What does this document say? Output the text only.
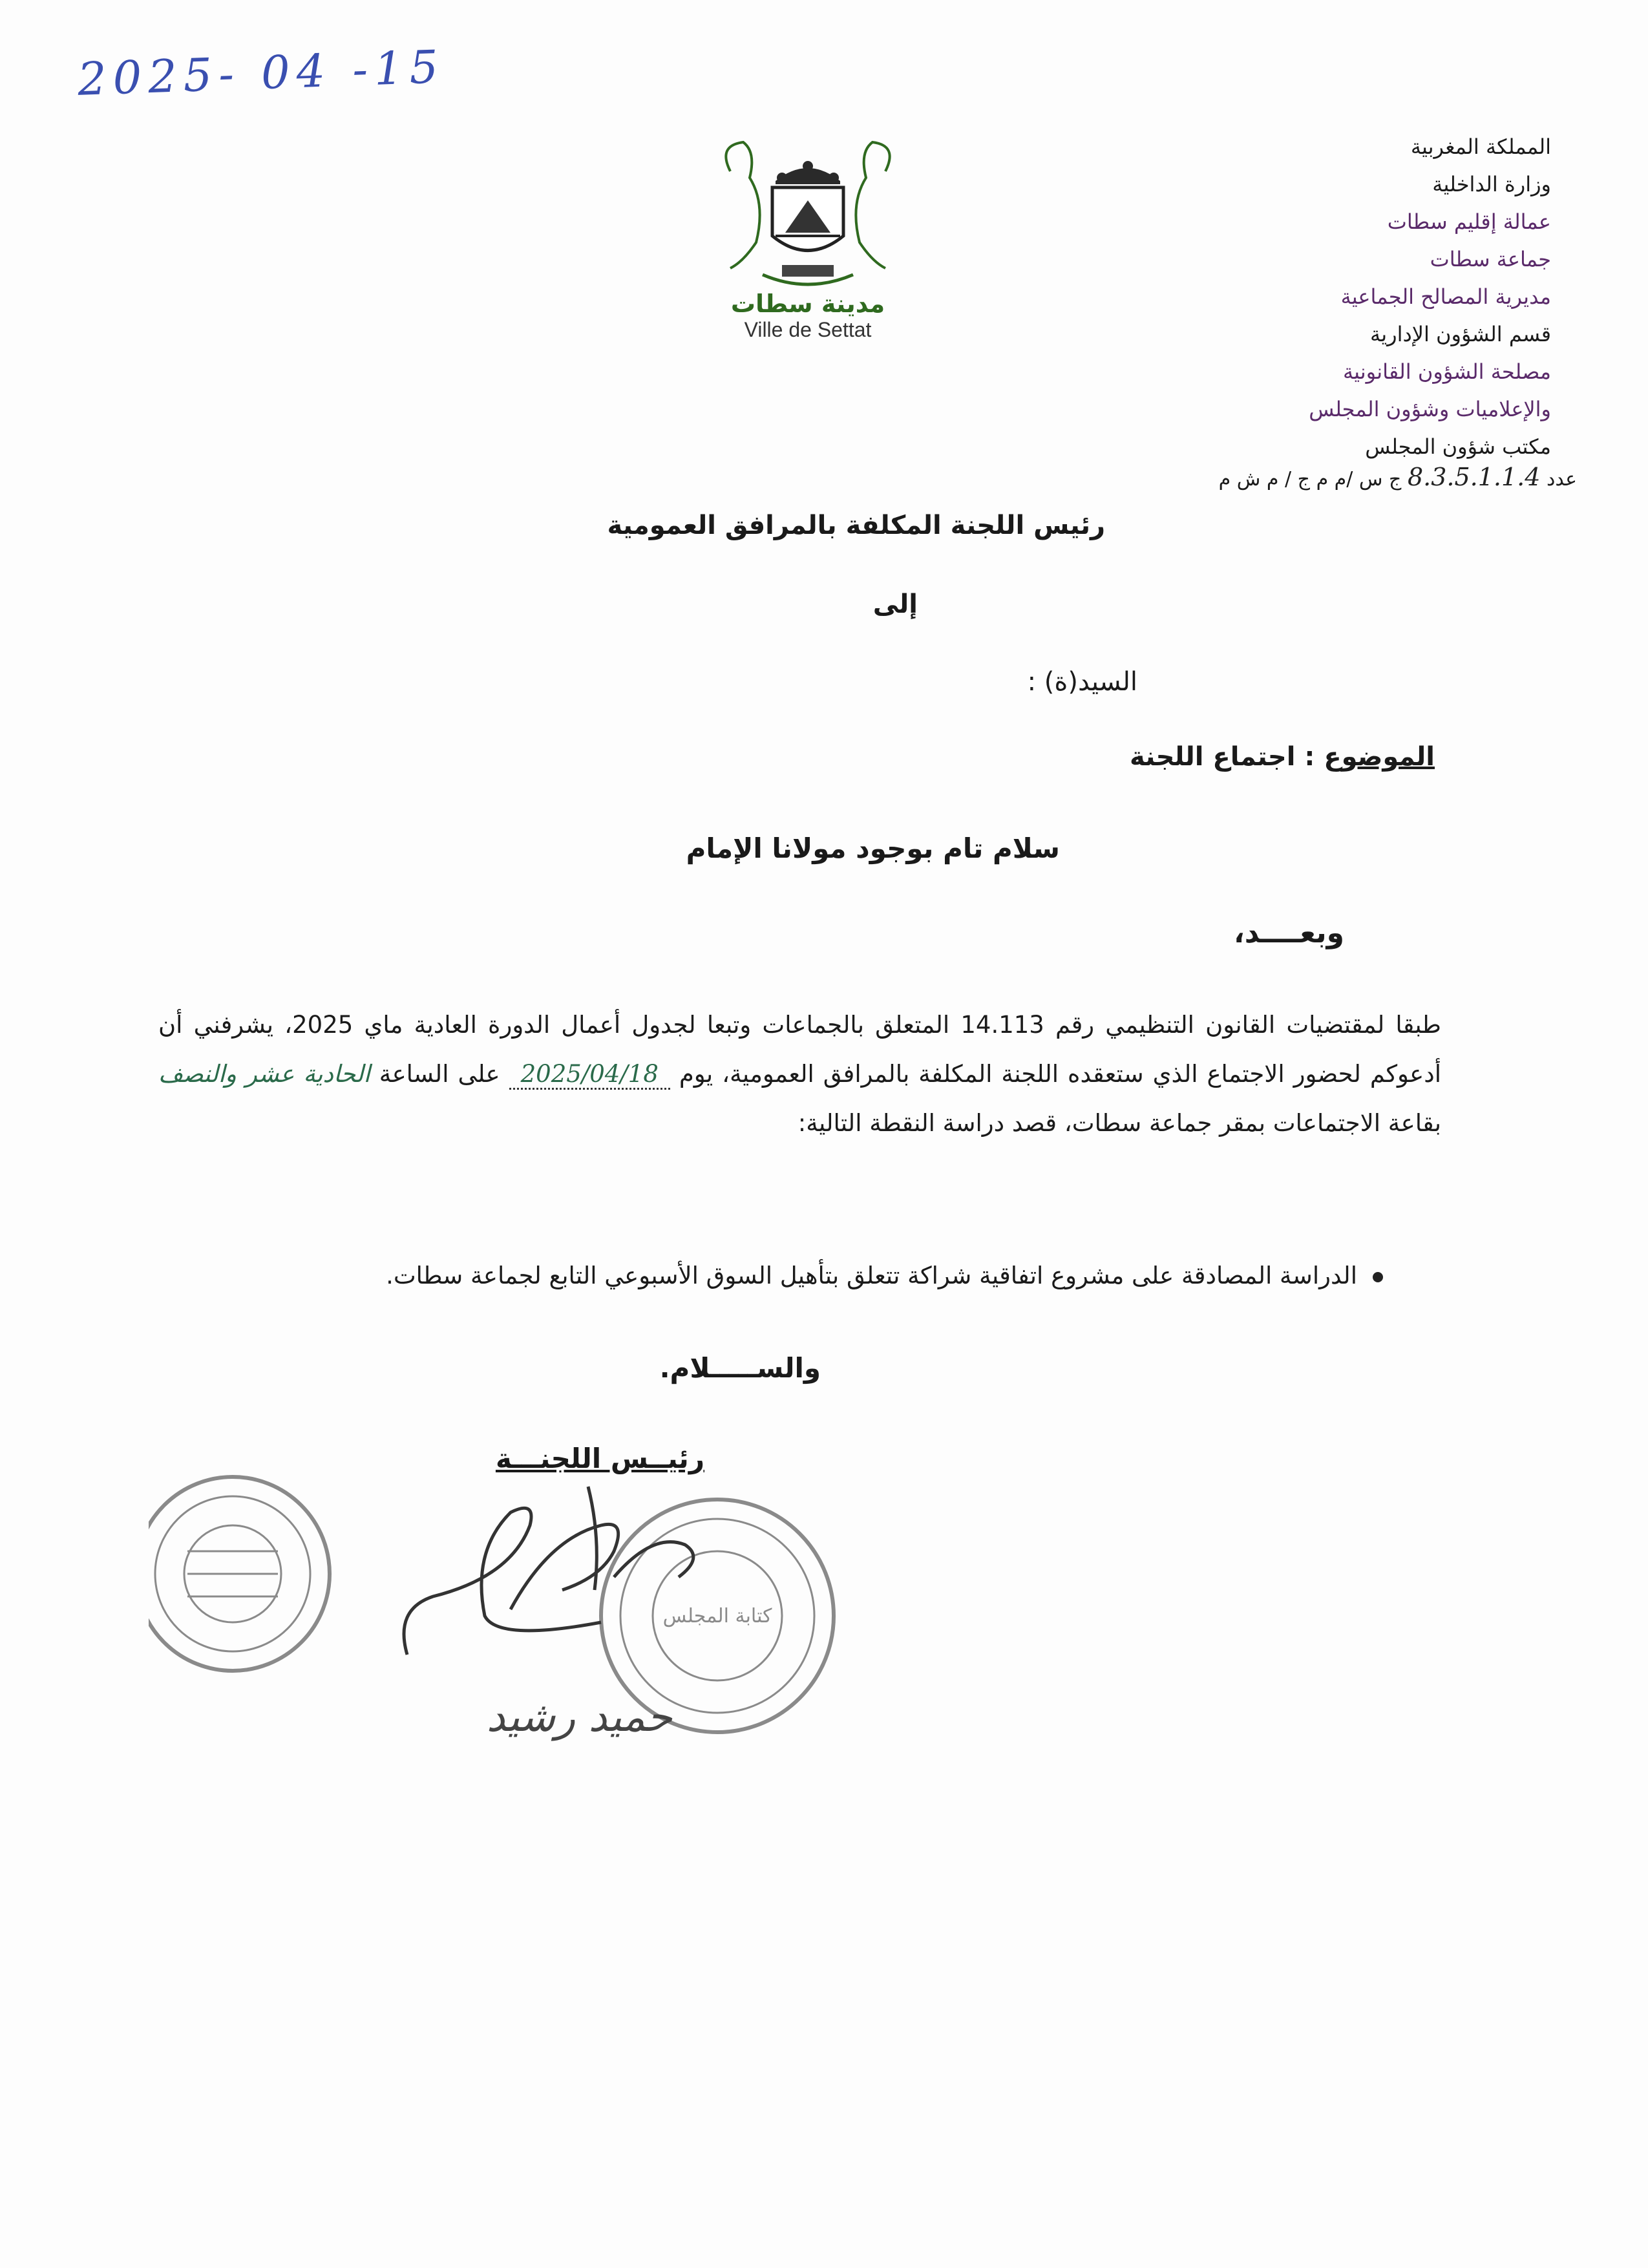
2025- 04 -15
مدينة سطات
Ville de Settat
المملكة المغربية
وزارة الداخلية
عمالة إقليم سطات
جماعة سطات
مديرية المصالح الجماعية
قسم الشؤون الإدارية
مصلحة الشؤون القانونية
والإعلاميات وشؤون المجلس
مكتب شؤون المجلس
عدد 8.3.5.1.1.4 ج س /م م ج / م ش م
رئيس اللجنة المكلفة بالمرافق العمومية
إلى
السيد(ة) :
الموضوع : اجتماع اللجنة
سلام تام بوجود مولانا الإمام
وبعــــد،
طبقا لمقتضيات القانون التنظيمي رقم 14.113 المتعلق بالجماعات وتبعا لجدول أعمال الدورة العادية ماي 2025، يشرفني أن أدعوكم لحضور الاجتماع الذي ستعقده اللجنة المكلفة بالمرافق العمومية، يوم 2025/04/18 على الساعة الحادية عشر والنصف بقاعة الاجتماعات بمقر جماعة سطات، قصد دراسة النقطة التالية:
الدراسة المصادقة على مشروع اتفاقية شراكة تتعلق بتأهيل السوق الأسبوعي التابع لجماعة سطات.
والســـــلام.
رئيــس اللجنـــة
كتابة المجلس
حميد رشيد
